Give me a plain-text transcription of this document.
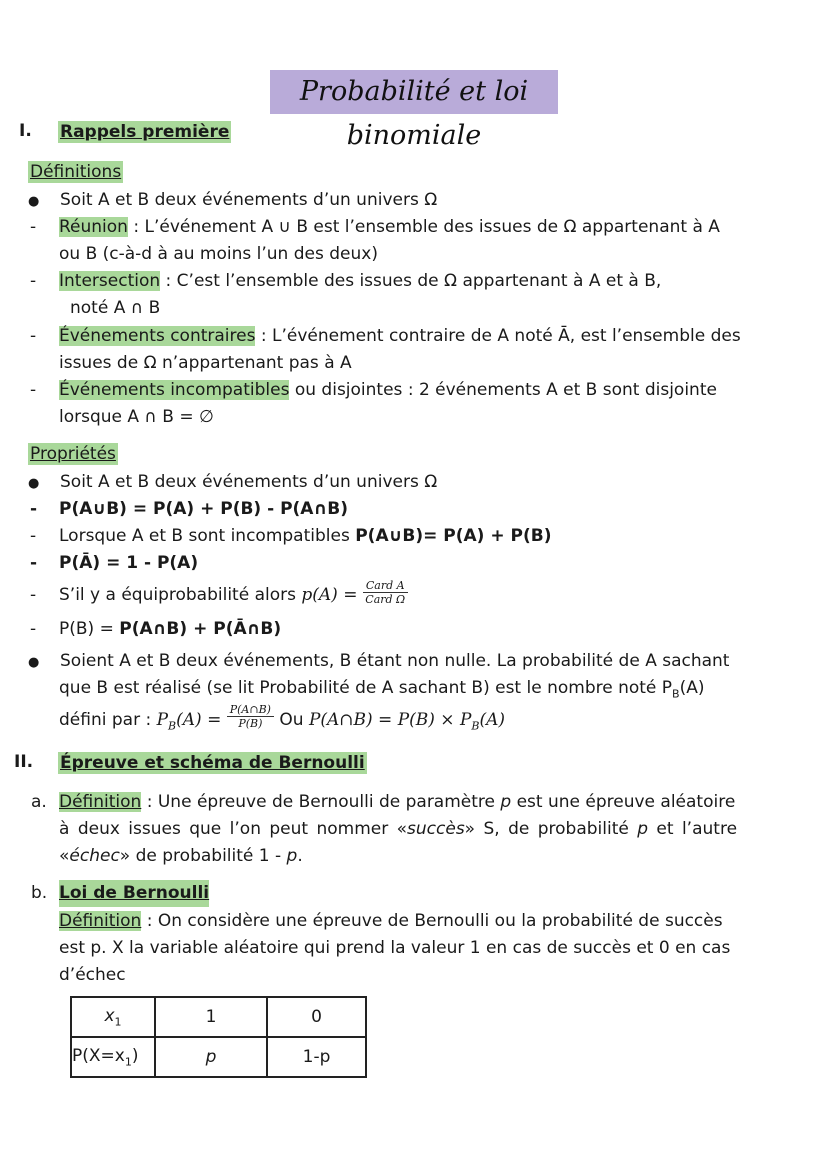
Probabilité et loi binomiale
I. Rappels première
Définitions
● Soit A et B deux événements d’un univers Ω
- Réunion : L’événement A ∪ B est l’ensemble des issues de Ω appartenant à A
ou B (c-à-d à au moins l’un des deux)
- Intersection : C’est l’ensemble des issues de Ω appartenant à A et à B,
noté A ∩ B
- Événements contraires : L’événement contraire de A noté Ā, est l’ensemble des
issues de Ω n’appartenant pas à A
- Événements incompatibles ou disjointes : 2 événements A et B sont disjointe
lorsque A ∩ B = ∅
Propriétés
● Soit A et B deux événements d’un univers Ω
- P(A∪B) = P(A) + P(B) - P(A∩B)
- Lorsque A et B sont incompatibles P(A∪B)= P(A) + P(B)
- P(Ā) = 1 - P(A)
- S’il y a équiprobabilité alors $p(A) = \frac{\text{Card A}}{\text{Card Ω}}$
- P(B) = P(A∩B) + P(Ā∩B)
● Soient A et B deux événements, B étant non nulle. La probabilité de A sachant
que B est réalisé (se lit Probabilité de A sachant B) est le nombre noté $P_B(A)$
défini par : $P_B(A) = \frac{P(A\cap B)}{P(B)}$ Ou P(A∩B) = $P(B) \times P_B(A)$
II. Épreuve et schéma de Bernoulli
a. Définition : Une épreuve de Bernoulli de paramètre p est une épreuve aléatoire
à deux issues que l’on peut nommer «succès» S, de probabilité p et l’autre
«échec» de probabilité 1 - p.
b. Loi de Bernoulli
Définition : On considère une épreuve de Bernoulli ou la probabilité de succès
est p. X la variable aléatoire qui prend la valeur 1 en cas de succès et 0 en cas
d’échec
$x_1$	1	0
$P(X=x_1)$	p	1-p
